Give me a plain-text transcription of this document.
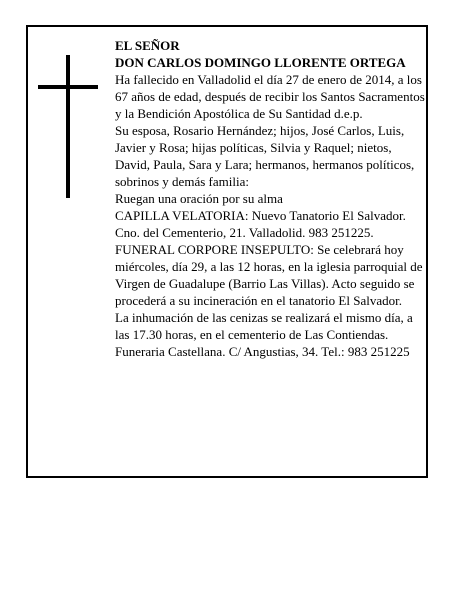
EL SEÑOR

DON CARLOS DOMINGO LLORENTE ORTEGA

Ha fallecido en Valladolid el día 27 de enero de 2014, a los 67 años de edad, después de recibir los Santos Sacramentos y la Bendición Apostólica de Su Santidad d.e.p.

Su esposa, Rosario Hernández; hijos, José Carlos, Luis, Javier y Rosa; hijas políticas, Silvia y Raquel; nietos, David, Paula, Sara y Lara; hermanos, hermanos políticos, sobrinos y demás familia:

Ruegan una oración por su alma

CAPILLA VELATORIA: Nuevo Tanatorio El Salvador. Cno. del Cementerio, 21. Valladolid. 983 251225.

FUNERAL CORPORE INSEPULTO: Se celebrará hoy miércoles, día 29, a las 12 horas, en la iglesia parroquial de Virgen de Guadalupe (Barrio Las Villas). Acto seguido se procederá a su incineración en el tanatorio El Salvador.

La inhumación de las cenizas se realizará el mismo día, a las 17.30 horas, en el cementerio de Las Contiendas.

Funeraria Castellana. C/ Angustias, 34. Tel.: 983 251225
